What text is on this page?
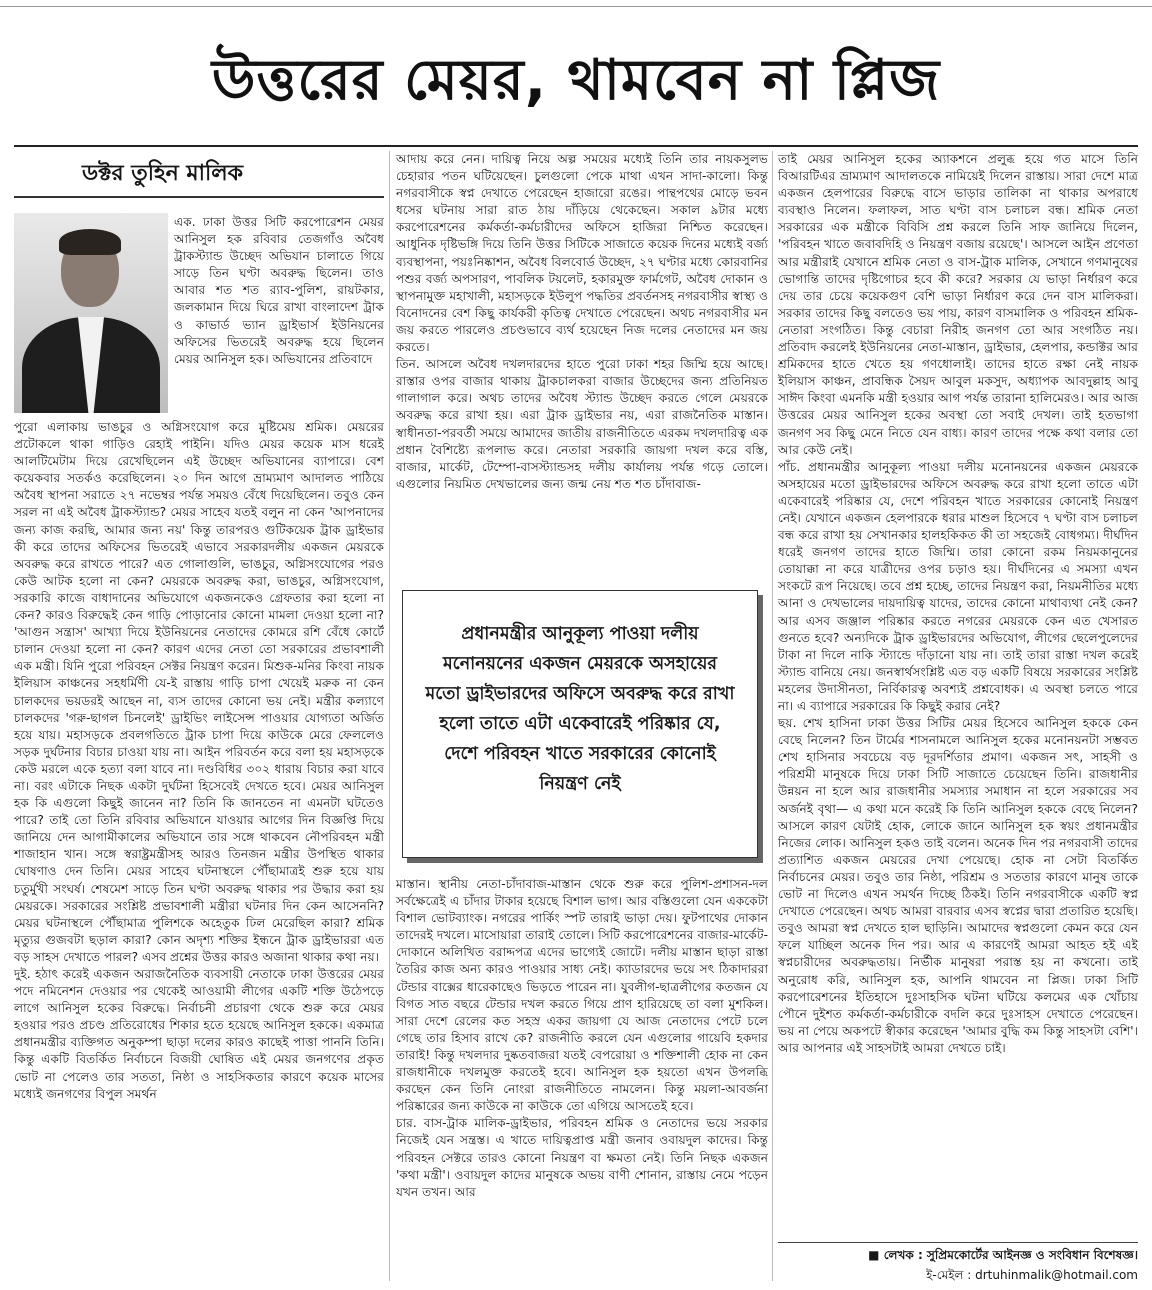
উত্তরের মেয়র, থামবেন না প্লিজ
ডক্টর তুহিন মালিক

এক. ঢাকা উত্তর সিটি করপোরেশন মেয়র আনিসুল হক রবিবার তেজগাঁও অবৈধ ট্রাকস্ট্যান্ড উচ্ছেদ অভিযান চালাতে গিয়ে সাড়ে তিন ঘণ্টা অবরুদ্ধ ছিলেন। তাও আবার শত শত র‌্যাব-পুলিশ, রায়টকার, জলকামান দিয়ে ঘিরে রাখা বাংলাদেশ ট্রাক ও কাভার্ড ভ্যান ড্রাইভার্স ইউনিয়নের অফিসের ভিতরেই অবরুদ্ধ হয়ে ছিলেন মেয়র আনিসুল হক। অভিযানের প্রতিবাদে

পুরো এলাকায় ভাঙচুর ও অগ্নিসংযোগ করে মুষ্টিমেয় শ্রমিক। মেয়রের প্রটোকলে থাকা গাড়িও রেহাই পাইনি। যদিও মেয়র কয়েক মাস ধরেই আলটিমেটাম দিয়ে রেখেছিলেন এই উচ্ছেদ অভিযানের ব্যাপারে। বেশ কয়েকবার সতর্কও করেছিলেন। ২০ দিন আগে ভ্রাম্যমাণ আদালত পাঠিয়ে অবৈধ স্থাপনা সরাতে ২৭ নভেম্বর পর্যন্ত সময়ও বেঁধে দিয়েছিলেন। তবুও কেন সরল না এই অবৈধ ট্রাকস্ট্যান্ড? মেয়র সাহেব যতই বলুন না কেন 'আপনাদের জন্য কাজ করছি, আমার জন্য নয়' কিন্তু তারপরও গুটিকয়েক ট্রাক ড্রাইভার কী করে তাদের অফিসের ভিতরেই এভাবে সরকারদলীয় একজন মেয়রকে অবরুদ্ধ করে রাখতে পারে? এত গোলাগুলি, ভাঙচুর, অগ্নিসংযোগের পরও কেউ আটক হলো না কেন? মেয়রকে অবরুদ্ধ করা, ভাঙচুর, অগ্নিসংযোগ, সরকারি কাজে বাধাদানের অভিযোগে একজনকেও গ্রেফতার করা হলো না কেন? কারও বিরুদ্ধেই কেন গাড়ি পোড়ানোর কোনো মামলা দেওয়া হলো না? 'আগুন সন্ত্রাস' আখ্যা দিয়ে ইউনিয়নের নেতাদের কোমরে রশি বেঁধে কোর্টে চালান দেওয়া হলো না কেন? কারণ এদের নেতা তো সরকারের প্রভাবশালী এক মন্ত্রী। যিনি পুরো পরিবহন সেক্টর নিয়ন্ত্রণ করেন। মিশুক-মনির কিংবা নায়ক ইলিয়াস কাঞ্চনের সহধর্মিণী যে-ই রাস্তায় গাড়ি চাপা খেয়েই মরুক না কেন চালকদের ভয়ডরই আছেন না, ব্যস তাদের কোনো ভয় নেই। মন্ত্রীর কল্যাণে চালকদের 'গরু-ছাগল চিনলেই' ড্রাইভিং লাইসেন্স পাওয়ার যোগ্যতা অর্জিত হয়ে যায়। মহাসড়কে প্রবলগতিতে ট্রাক চাপা দিয়ে কাউকে মেরে ফেললেও সড়ক দুর্ঘটনার বিচার চাওয়া যায় না। আইন পরিবর্তন করে বলা হয় মহাসড়কে কেউ মরলে একে হত্যা বলা যাবে না। দণ্ডবিধির ৩০২ ধারায় বিচার করা যাবে না। বরং এটাকে নিছক একটা দুর্ঘটনা হিসেবেই দেখতে হবে। মেয়র আনিসুল হক কি এগুলো কিছুই জানেন না? তিনি কি জানতেন না এমনটা ঘটতেও পারে? তাই তো তিনি রবিবার অভিযানে যাওয়ার আগের দিন বিজ্ঞপ্তি দিয়ে জানিয়ে দেন আগামীকালের অভিযানে তার সঙ্গে থাকবেন নৌপরিবহন মন্ত্রী শাজাহান খান। সঙ্গে স্বরাষ্ট্রমন্ত্রীসহ আরও তিনজন মন্ত্রীর উপস্থিত থাকার ঘোষণাও দেন তিনি। মেয়র সাহেব ঘটনাস্থলে পৌঁছামাত্রই শুরু হয়ে যায় চতুর্মুখী সংঘর্ষ। শেষমেশ সাড়ে তিন ঘণ্টা অবরুদ্ধ থাকার পর উদ্ধার করা হয় মেয়রকে। সরকারের সংশ্লিষ্ট প্রভাবশালী মন্ত্রীরা ঘটনার দিন কেন আসেননি? মেয়র ঘটনাস্থলে পৌঁছামাত্র পুলিশকে অহেতুক ঢিল মেরেছিল কারা? শ্রমিক মৃত্যুর গুজবটা ছড়াল কারা? কোন অদৃশ্য শক্তির ইন্ধনে ট্রাক ড্রাইভাররা এত বড় সাহস দেখাতে পারল? এসব প্রশ্নের উত্তর কারও অজানা থাকার কথা নয়।

দুই. হঠাৎ করেই একজন অরাজনৈতিক ব্যবসায়ী নেতাকে ঢাকা উত্তরের মেয়র পদে নমিনেশন দেওয়ার পর থেকেই আওয়ামী লীগের একটি শক্তি উঠেপড়ে লাগে আনিসুল হকের বিরুদ্ধে। নির্বাচনী প্রচারণা থেকে শুরু করে মেয়র হওয়ার পরও প্রচণ্ড প্রতিরোধের শিকার হতে হয়েছে আনিসুল হককে। একমাত্র প্রধানমন্ত্রীর ব্যক্তিগত অনুকম্পা ছাড়া দলের কারও কাছেই পাত্তা পাননি তিনি। কিন্তু একটি বিতর্কিত নির্বাচনে বিজয়ী ঘোষিত এই মেয়র জনগণের প্রকৃত ভোট না পেলেও তার সততা, নিষ্ঠা ও সাহসিকতার কারণে কয়েক মাসের মধ্যেই জনগণের বিপুল সমর্থন

আদায় করে নেন। দায়িত্ব নিয়ে অল্প সময়ের মধ্যেই তিনি তার নায়কসুলভ চেহারার পতন ঘটিয়েছেন। চুলগুলো পেকে মাথা এখন সাদা-কালো। কিন্তু নগরবাসীকে স্বপ্ন দেখাতে পেরেছেন হাজারো রঙের। পান্থপথের মোড়ে ভবন ধসের ঘটনায় সারা রাত ঠায় দাঁড়িয়ে থেকেছেন। সকাল ৯টার মধ্যে করপোরেশনের কর্মকর্তা-কর্মচারীদের অফিসে হাজিরা নিশ্চিত করেছেন। আধুনিক দৃষ্টিভঙ্গি দিয়ে তিনি উত্তর সিটিকে সাজাতে কয়েক দিনের মধ্যেই বর্জ্য ব্যবস্থাপনা, পয়ঃনিষ্কাশন, অবৈধ বিলবোর্ড উচ্ছেদ, ২৭ ঘণ্টার মধ্যে কোরবানির পশুর বর্জ্য অপসারণ, পাবলিক টয়লেট, হকারমুক্ত ফার্মগেট, অবৈধ দোকান ও স্থাপনামুক্ত মহাখালী, মহাসড়কে ইউলুপ পদ্ধতির প্রবর্তনসহ নগরবাসীর স্বাস্থ্য ও বিনোদনের বেশ কিছু কার্যকরী কৃতিত্ব দেখাতে পেরেছেন। অথচ নগরবাসীর মন জয় করতে পারলেও প্রচণ্ডভাবে ব্যর্থ হয়েছেন নিজ দলের নেতাদের মন জয় করতে।

তিন. আসলে অবৈধ দখলদারদের হাতে পুরো ঢাকা শহর জিম্মি হয়ে আছে। রাস্তার ওপর বাজার থাকায় ট্রাকচালকরা বাজার উচ্ছেদের জন্য প্রতিনিয়ত গালাগাল করে। অথচ তাদের অবৈধ স্ট্যান্ড উচ্ছেদ করতে গেলে মেয়রকে অবরুদ্ধ করে রাখা হয়। এরা ট্রাক ড্রাইভার নয়, এরা রাজনৈতিক মাস্তান। স্বাধীনতা-পরবর্তী সময়ে আমাদের জাতীয় রাজনীতিতে এরকম দখলদারিত্ব এক প্রধান বৈশিষ্ট্যে রূপলাভ করে। নেতারা সরকারি জায়গা দখল করে বস্তি, বাজার, মার্কেট, টেম্পো-বাসস্ট্যান্ডসহ দলীয় কার্যালয় পর্যন্ত গড়ে তোলে। এগুলোর নিয়মিত দেখভালের জন্য জন্ম নেয় শত শত চাঁদাবাজ-

প্রধানমন্ত্রীর আনুকূল্য পাওয়া দলীয় মনোনয়নের একজন মেয়রকে অসহায়ের মতো ড্রাইভারদের অফিসে অবরুদ্ধ করে রাখা হলো তাতে এটা একেবারেই পরিষ্কার যে, দেশে পরিবহন খাতে সরকারের কোনোই নিয়ন্ত্রণ নেই

মাস্তান। স্থানীয় নেতা-চাঁদাবাজ-মাস্তান থেকে শুরু করে পুলিশ-প্রশাসন-দল সর্বক্ষেত্রেই এ চাঁদার টাকার হয়েছে বিশাল ভাগ। আর বস্তিগুলো যেন এককেটা বিশাল ভোটব্যাংক। নগরের পার্কিং স্পট তারাই ভাড়া দেয়। ফুটপাথের দোকান তাদেরই দখলে। মাসোয়ারা তারাই তোলে। সিটি করপোরেশনের বাজার-মার্কেট-দোকানে অলিখিত বরাদ্দপত্র এদের ভাগ্যেই জোটে। দলীয় মাস্তান ছাড়া রাস্তা তৈরির কাজ অন্য কারও পাওয়ার সাধ্য নেই। ক্যাডারদের ভয়ে সৎ ঠিকাদাররা টেন্ডার বাক্সের ধারেকাছেও ভিড়তে পারেন না। যুবলীগ-ছাত্রলীগের কতজন যে বিগত সাত বছরে টেন্ডার দখল করতে গিয়ে প্রাণ হারিয়েছে তা বলা মুশকিল। সারা দেশে রেলের কত সহস্র একর জায়গা যে আজ নেতাদের পেটে চলে গেছে তার হিসাব রাখে কে? রাজনীতি করলে যেন এগুলোর গায়েবি হকদার তারাই! কিন্তু দখলদার দুষ্কতবাজরা যতই বেপরোয়া ও শক্তিশালী হোক না কেন রাজধানীকে দখলমুক্ত করতেই হবে। আনিসুল হক হয়তো এখন উপলব্ধি করছেন কেন তিনি নোংরা রাজনীতিতে নামলেন। কিন্তু ময়লা-আবর্জনা পরিষ্কারের জন্য কাউকে না কাউকে তো এগিয়ে আসতেই হবে।

চার. বাস-ট্রাক মালিক-ড্রাইভার, পরিবহন শ্রমিক ও নেতাদের ভয়ে সরকার নিজেই যেন সন্ত্রস্ত। এ খাতে দায়িত্বপ্রাপ্ত মন্ত্রী জনাব ওবায়দুল কাদের। কিন্তু পরিবহন সেক্টরে তারও কোনো নিয়ন্ত্রণ বা ক্ষমতা নেই। তিনি নিছক একজন 'কথা মন্ত্রী'। ওবায়দুল কাদের মানুষকে অভয় বাণী শোনান, রাস্তায় নেমে পড়েন যখন তখন। আর

তাই মেয়র আনিসুল হকের অ্যাকশনে প্রলুব্ধ হয়ে গত মাসে তিনি বিআরটিএর ভ্রাম্যমাণ আদালতকে নামিয়েই দিলেন রাস্তায়। সারা দেশে মাত্র একজন হেলপারের বিরুদ্ধে বাসে ভাড়ার তালিকা না থাকার অপরাধে ব্যবস্থাও নিলেন। ফলাফল, সাত ঘণ্টা বাস চলাচল বন্ধ। শ্রমিক নেতা সরকারের এক মন্ত্রীকে বিবিসি প্রশ্ন করলে তিনি সাফ জানিয়ে দিলেন, 'পরিবহন খাতে জবাবদিহি ও নিয়ন্ত্রণ বজায় রয়েছে'। আসলে আইন প্রণেতা আর মন্ত্রীরাই যেখানে শ্রমিক নেতা ও বাস-ট্রাক মালিক, সেখানে গণমানুষের ভোগান্তি তাদের দৃষ্টিগোচর হবে কী করে? সরকার যে ভাড়া নির্ধারণ করে দেয় তার চেয়ে কয়েকগুণ বেশি ভাড়া নির্ধারণ করে দেন বাস মালিকরা। সরকার তাদের কিছু বলতেও ভয় পায়, কারণ বাসমালিক ও পরিবহন শ্রমিক-নেতারা সংগঠিত। কিন্তু বেচারা নিরীহ জনগণ তো আর সংগঠিত নয়। প্রতিবাদ করলেই ইউনিয়নের নেতা-মাস্তান, ড্রাইভার, হেলপার, কন্ডাক্টর আর শ্রমিকদের হাতে খেতে হয় গণধোলাই। তাদের হাতে রক্ষা নেই নায়ক ইলিয়াস কাঞ্চন, প্রাবন্ধিক সৈয়দ আবুল মকসুদ, অধ্যাপক আবদুল্লাহ আবু সাঈদ কিংবা এমনকি মন্ত্রী হওয়ার আগ পর্যন্ত তারানা হালিমেরও। আর আজ উত্তরের মেয়র আনিসুল হকের অবস্থা তো সবাই দেখল। তাই হতভাগা জনগণ সব কিছু মেনে নিতে যেন বাধ্য। কারণ তাদের পক্ষে কথা বলার তো আর কেউ নেই।

পাঁচ. প্রধানমন্ত্রীর আনুকূল্য পাওয়া দলীয় মনোনয়নের একজন মেয়রকে অসহায়ের মতো ড্রাইভারদের অফিসে অবরুদ্ধ করে রাখা হলো তাতে এটা একেবারেই পরিষ্কার যে, দেশে পরিবহন খাতে সরকারের কোনোই নিয়ন্ত্রণ নেই। যেখানে একজন হেলপারকে ধরার মাশুল হিসেবে ৭ ঘণ্টা বাস চলাচল বন্ধ করে রাখা হয় সেখানকার হালহকিকত কী তা সহজেই বোধগম্য। দীর্ঘদিন ধরেই জনগণ তাদের হাতে জিম্মি। তারা কোনো রকম নিয়মকানুনের তোয়াক্কা না করে যাত্রীদের ওপর চড়াও হয়। দীর্ঘদিনের এ সমস্যা এখন সংকটে রূপ নিয়েছে। তবে প্রশ্ন হচ্ছে, তাদের নিয়ন্ত্রণ করা, নিয়মনীতির মধ্যে আনা ও দেখভালের দায়দায়িত্ব যাদের, তাদের কোনো মাথাব্যথা নেই কেন? আর এসব জঞ্জাল পরিষ্কার করতে নগরের মেয়রকে কেন এত খেসারত গুনতে হবে? অন্যদিকে ট্রাক ড্রাইভারদের অভিযোগ, লীগের ছেলেপুলেদের টাকা না দিলে নাকি স্ট্যান্ডে দাঁড়ানো যায় না। তাই তারা রাস্তা দখল করেই স্ট্যান্ড বানিয়ে নেয়। জনস্বার্থসংশ্লিষ্ট এত বড় একটি বিষয়ে সরকারের সংশ্লিষ্ট মহলের উদাসীনতা, নির্বিকারত্ব অবশ্যই প্রশ্নবোধক। এ অবস্থা চলতে পারে না। এ ব্যাপারে সরকারের কি কিছুই করার নেই?

ছয়. শেখ হাসিনা ঢাকা উত্তর সিটির মেয়র হিসেবে আনিসুল হককে কেন বেছে নিলেন? তিন টার্মের শাসনামলে আনিসুল হকের মনোনয়নটা সম্ভবত শেখ হাসিনার সবচেয়ে বড় দূরদর্শিতার প্রমাণ। একজন সৎ, সাহসী ও পরিশ্রমী মানুষকে দিয়ে ঢাকা সিটি সাজাতে চেয়েছেন তিনি। রাজধানীর উন্নয়ন না হলে আর রাজধানীর সমস্যার সমাধান না হলে সরকারের সব অর্জনই বৃথা— এ কথা মনে করেই কি তিনি আনিসুল হককে বেছে নিলেন? আসলে কারণ যেটাই হোক, লোকে জানে আনিসুল হক স্বয়ং প্রধানমন্ত্রীর নিজের লোক। আনিসুল হকও তাই বলেন। অনেক দিন পর নগরবাসী তাদের প্রত্যাশিত একজন মেয়রের দেখা পেয়েছে। হোক না সেটা বিতর্কিত নির্বাচনের মেয়র। তবুও তার নিষ্ঠা, পরিশ্রম ও সততার কারণে মানুষ তাকে ভোট না দিলেও এখন সমর্থন দিচ্ছে ঠিকই। তিনি নগরবাসীকে একটি স্বপ্ন দেখাতে পেরেছেন। অথচ আমরা বারবার এসব স্বপ্নের দ্বারা প্রতারিত হয়েছি। তবুও আমরা স্বপ্ন দেখতে হাল ছাড়িনি। আমাদের স্বপ্নগুলো কেমন করে যেন ফলে যাচ্ছিল অনেক দিন পর। আর এ কারণেই আমরা আহত হই এই স্বপ্নচারীদের অবরুদ্ধতায়। নির্ভীক মানুষরা পরাস্ত হয় না কখনো। তাই অনুরোধ করি, আনিসুল হক, আপনি থামবেন না প্লিজ। ঢাকা সিটি করপোরেশনের ইতিহাসে দুঃসাহসিক ঘটনা ঘটিয়ে কলমের এক খোঁচায় পৌনে দুইশত কর্মকর্তা-কর্মচারীকে বদলি করে দুঃসাহস দেখাতে পেরেছেন। ভয় না পেয়ে অকপটে স্বীকার করেছেন 'আমার বুদ্ধি কম কিন্তু সাহসটা বেশি'। আর আপনার এই সাহসটাই আমরা দেখতে চাই।

■ লেখক : সুপ্রিমকোর্টের আইনজ্ঞ ও সংবিধান বিশেষজ্ঞ।
ই-মেইল : drtuhinmalik@hotmail.com
